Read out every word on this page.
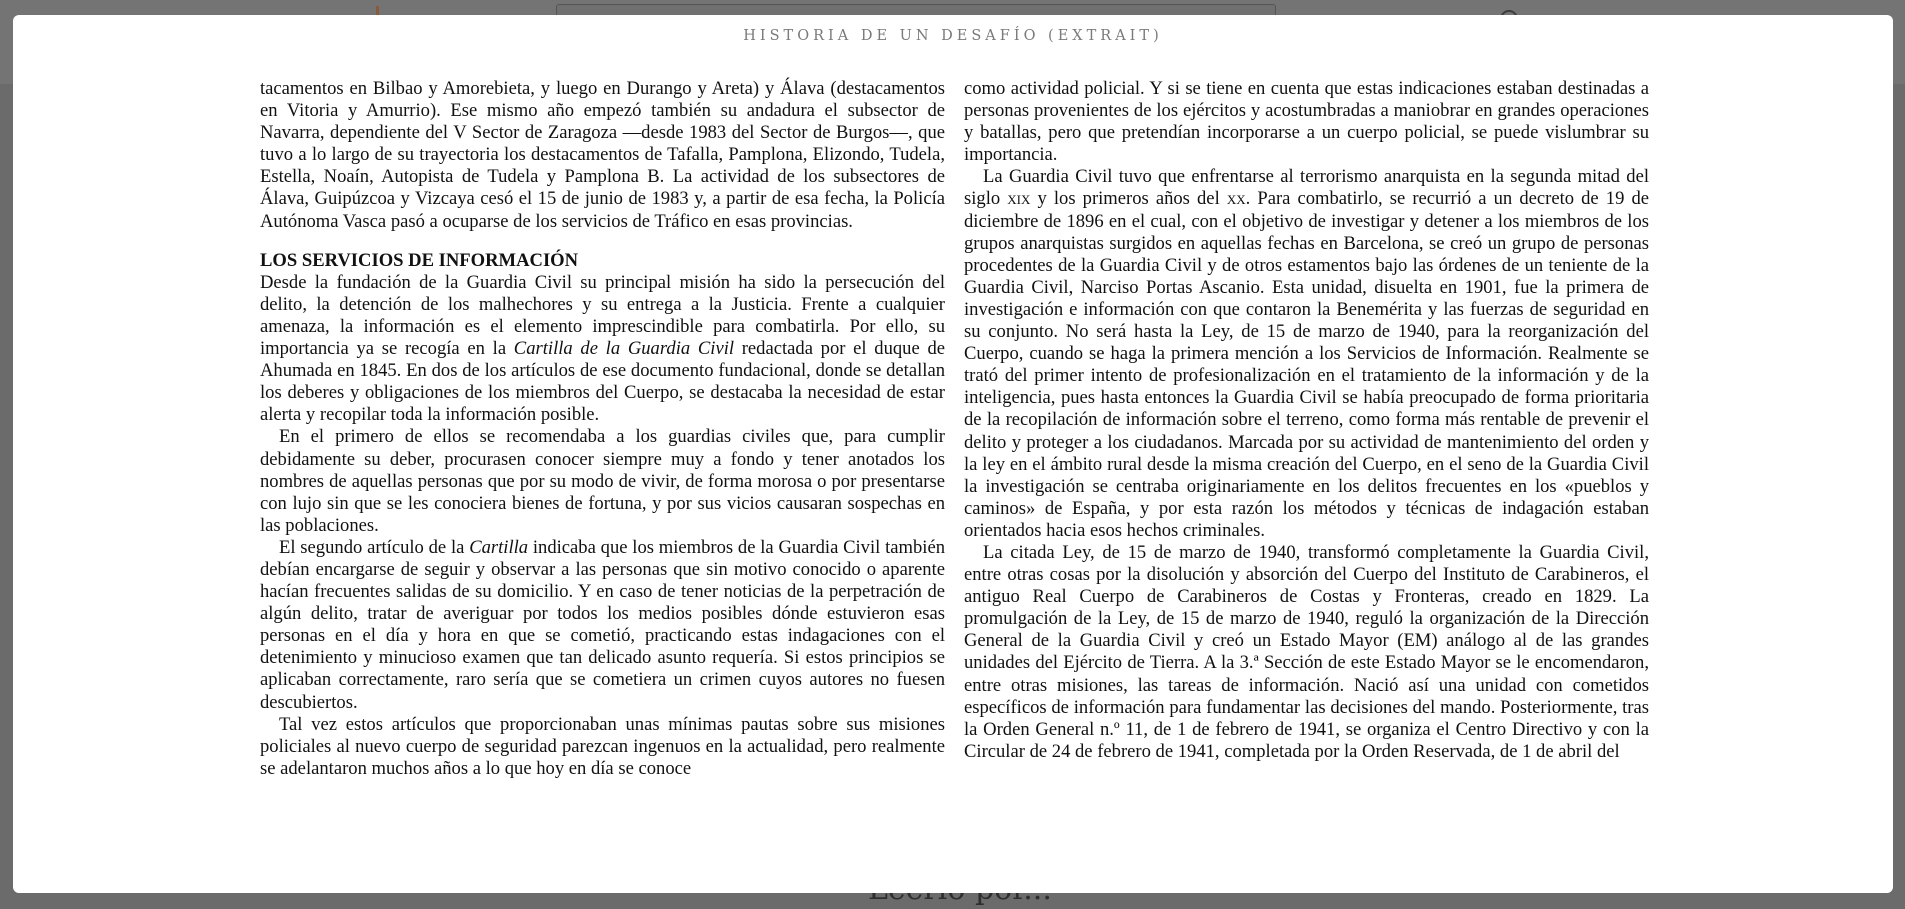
HISTORIA DE UN DESAFÍO (EXTRAIT)

tacamentos en Bilbao y Amorebieta, y luego en Durango y Areta) y Álava (destacamentos en Vitoria y Amurrio). Ese mismo año empezó también su andadura el subsector de Navarra, dependiente del V Sector de Zaragoza —desde 1983 del Sector de Burgos—, que tuvo a lo largo de su trayectoria los destacamentos de Tafalla, Pamplona, Elizondo, Tudela, Estella, Noaín, Autopista de Tudela y Pamplona B. La actividad de los subsectores de Álava, Guipúzcoa y Vizcaya cesó el 15 de junio de 1983 y, a partir de esa fecha, la Policía Autónoma Vasca pasó a ocuparse de los servicios de Tráfico en esas provincias.

LOS SERVICIOS DE INFORMACIÓN

Desde la fundación de la Guardia Civil su principal misión ha sido la persecución del delito, la detención de los malhechores y su entrega a la Justicia. Frente a cualquier amenaza, la información es el elemento imprescindible para combatirla. Por ello, su importancia ya se recogía en la Cartilla de la Guardia Civil redactada por el duque de Ahumada en 1845. En dos de los artículos de ese documento fundacional, donde se detallan los deberes y obligaciones de los miembros del Cuerpo, se destacaba la necesidad de estar alerta y recopilar toda la información posible.

En el primero de ellos se recomendaba a los guardias civiles que, para cumplir debidamente su deber, procurasen conocer siempre muy a fondo y tener anotados los nombres de aquellas personas que por su modo de vivir, de forma morosa o por presentarse con lujo sin que se les conociera bienes de fortuna, y por sus vicios causaran sospechas en las poblaciones.

El segundo artículo de la Cartilla indicaba que los miembros de la Guardia Civil también debían encargarse de seguir y observar a las personas que sin motivo conocido o aparente hacían frecuentes salidas de su domicilio. Y en caso de tener noticias de la perpetración de algún delito, tratar de averiguar por todos los medios posibles dónde estuvieron esas personas en el día y hora en que se cometió, practicando estas indagaciones con el detenimiento y minucioso examen que tan delicado asunto requería. Si estos principios se aplicaban correctamente, raro sería que se cometiera un crimen cuyos autores no fuesen descubiertos.

Tal vez estos artículos que proporcionaban unas mínimas pautas sobre sus misiones policiales al nuevo cuerpo de seguridad parezcan ingenuos en la actualidad, pero realmente se adelantaron muchos años a lo que hoy en día se conoce

como actividad policial. Y si se tiene en cuenta que estas indicaciones estaban destinadas a personas provenientes de los ejércitos y acostumbradas a maniobrar en grandes operaciones y batallas, pero que pretendían incorporarse a un cuerpo policial, se puede vislumbrar su importancia.

La Guardia Civil tuvo que enfrentarse al terrorismo anarquista en la segunda mitad del siglo xix y los primeros años del xx. Para combatirlo, se recurrió a un decreto de 19 de diciembre de 1896 en el cual, con el objetivo de investigar y detener a los miembros de los grupos anarquistas surgidos en aquellas fechas en Barcelona, se creó un grupo de personas procedentes de la Guardia Civil y de otros estamentos bajo las órdenes de un teniente de la Guardia Civil, Narciso Portas Ascanio. Esta unidad, disuelta en 1901, fue la primera de investigación e información con que contaron la Benemérita y las fuerzas de seguridad en su conjunto. No será hasta la Ley, de 15 de marzo de 1940, para la reorganización del Cuerpo, cuando se haga la primera mención a los Servicios de Información. Realmente se trató del primer intento de profesionalización en el tratamiento de la información y de la inteligencia, pues hasta entonces la Guardia Civil se había preocupado de forma prioritaria de la recopilación de información sobre el terreno, como forma más rentable de prevenir el delito y proteger a los ciudadanos. Marcada por su actividad de mantenimiento del orden y la ley en el ámbito rural desde la misma creación del Cuerpo, en el seno de la Guardia Civil la investigación se centraba originariamente en los delitos frecuentes en los «pueblos y caminos» de España, y por esta razón los métodos y técnicas de indagación estaban orientados hacia esos hechos criminales.

La citada Ley, de 15 de marzo de 1940, transformó completamente la Guardia Civil, entre otras cosas por la disolución y absorción del Cuerpo del Instituto de Carabineros, el antiguo Real Cuerpo de Carabineros de Costas y Fronteras, creado en 1829. La promulgación de la Ley, de 15 de marzo de 1940, reguló la organización de la Dirección General de la Guardia Civil y creó un Estado Mayor (EM) análogo al de las grandes unidades del Ejército de Tierra. A la 3.ª Sección de este Estado Mayor se le encomendaron, entre otras misiones, las tareas de información. Nació así una unidad con cometidos específicos de información para fundamentar las decisiones del mando. Posteriormente, tras la Orden General n.º 11, de 1 de febrero de 1941, se organiza el Centro Directivo y con la Circular de 24 de febrero de 1941, completada por la Orden Reservada, de 1 de abril del
